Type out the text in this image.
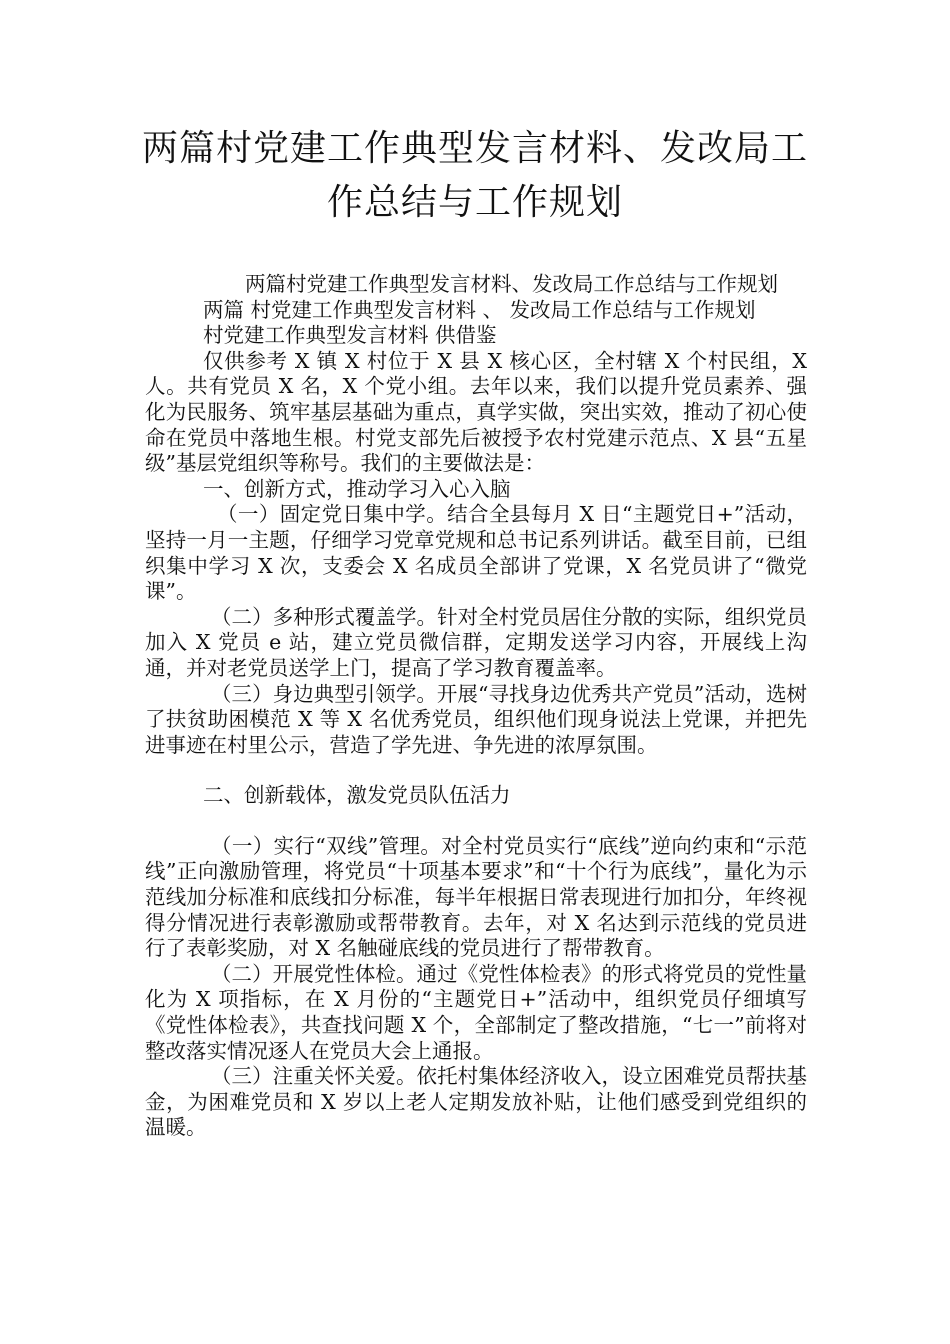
两篇村党建工作典型发言材料、发改局工
作总结与工作规划

两篇村党建工作典型发言材料、发改局工作总结与工作规划

两篇 村党建工作典型发言材料 、 发改局工作总结与工作规划

村党建工作典型发言材料 供借鉴

仅供参考 X 镇 X 村位于 X 县 X 核心区，全村辖 X 个村民组，X 人。共有党员 X 名，X 个党小组。去年以来，我们以提升党员素养、强化为民服务、筑牢基层基础为重点，真学实做，突出实效，推动了初心使命在党员中落地生根。村党支部先后被授予农村党建示范点、X 县“五星级”基层党组织等称号。我们的主要做法是：

一、创新方式，推动学习入心入脑

（一）固定党日集中学。结合全县每月 X 日“主题党日+”活动，坚持一月一主题，仔细学习党章党规和总书记系列讲话。截至目前，已组织集中学习 X 次，支委会 X 名成员全部讲了党课，X 名党员讲了“微党课”。

（二）多种形式覆盖学。针对全村党员居住分散的实际，组织党员加入 X 党员 e 站，建立党员微信群，定期发送学习内容，开展线上沟通，并对老党员送学上门，提高了学习教育覆盖率。

（三）身边典型引领学。开展“寻找身边优秀共产党员”活动，选树了扶贫助困模范 X 等 X 名优秀党员，组织他们现身说法上党课，并把先进事迹在村里公示，营造了学先进、争先进的浓厚氛围。

二、创新载体，激发党员队伍活力

（一）实行“双线”管理。对全村党员实行“底线”逆向约束和“示范线”正向激励管理，将党员“十项基本要求”和“十个行为底线”，量化为示范线加分标准和底线扣分标准，每半年根据日常表现进行加扣分，年终视得分情况进行表彰激励或帮带教育。去年，对 X 名达到示范线的党员进行了表彰奖励，对 X 名触碰底线的党员进行了帮带教育。

（二）开展党性体检。通过《党性体检表》的形式将党员的党性量化为 X 项指标，在 X 月份的“主题党日+”活动中，组织党员仔细填写《党性体检表》，共查找问题 X 个，全部制定了整改措施，“七一”前将对整改落实情况逐人在党员大会上通报。

（三）注重关怀关爱。依托村集体经济收入，设立困难党员帮扶基金，为困难党员和 X 岁以上老人定期发放补贴，让他们感受到党组织的温暖。
